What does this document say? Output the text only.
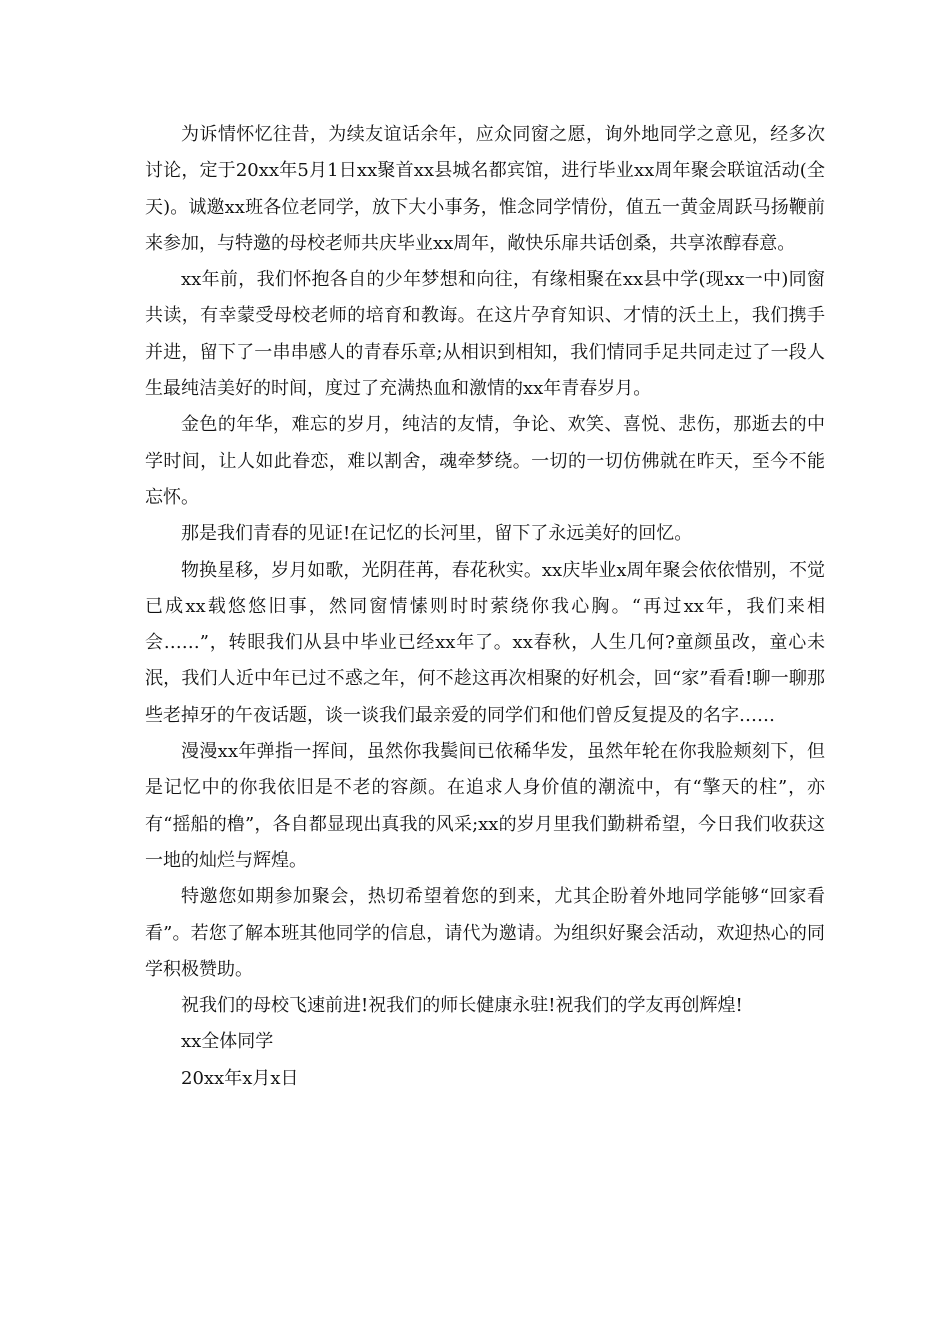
为诉情怀忆往昔，为续友谊话余年，应众同窗之愿，询外地同学之意见，经多次讨论，定于20xx年5月1日xx聚首xx县城名都宾馆，进行毕业xx周年聚会联谊活动(全天)。诚邀xx班各位老同学，放下大小事务，惟念同学情份，值五一黄金周跃马扬鞭前来参加，与特邀的母校老师共庆毕业xx周年，敞快乐扉共话创桑，共享浓醇春意。

xx年前，我们怀抱各自的少年梦想和向往，有缘相聚在xx县中学(现xx一中)同窗共读，有幸蒙受母校老师的培育和教诲。在这片孕育知识、才情的沃土上，我们携手并进，留下了一串串感人的青春乐章;从相识到相知，我们情同手足共同走过了一段人生最纯洁美好的时间，度过了充满热血和激情的xx年青春岁月。

金色的年华，难忘的岁月，纯洁的友情，争论、欢笑、喜悦、悲伤，那逝去的中学时间，让人如此眷恋，难以割舍，魂牵梦绕。一切的一切仿佛就在昨天，至今不能忘怀。

那是我们青春的见证!在记忆的长河里，留下了永远美好的回忆。

物换星移，岁月如歌，光阴荏苒，春花秋实。xx庆毕业x周年聚会依依惜别，不觉已成xx载悠悠旧事，然同窗情愫则时时萦绕你我心胸。“再过xx年，我们来相会……”，转眼我们从县中毕业已经xx年了。xx春秋，人生几何?童颜虽改，童心未泯，我们人近中年已过不惑之年，何不趁这再次相聚的好机会，回“家”看看!聊一聊那些老掉牙的午夜话题，谈一谈我们最亲爱的同学们和他们曾反复提及的名字……

漫漫xx年弹指一挥间，虽然你我鬓间已依稀华发，虽然年轮在你我脸颊刻下，但是记忆中的你我依旧是不老的容颜。在追求人身价值的潮流中，有“擎天的柱”，亦有“摇船的橹”，各自都显现出真我的风采;xx的岁月里我们勤耕希望，今日我们收获这一地的灿烂与辉煌。

特邀您如期参加聚会，热切希望着您的到来，尤其企盼着外地同学能够“回家看看”。若您了解本班其他同学的信息，请代为邀请。为组织好聚会活动，欢迎热心的同学积极赞助。

祝我们的母校飞速前进!祝我们的师长健康永驻!祝我们的学友再创辉煌!

xx全体同学

20xx年x月x日
